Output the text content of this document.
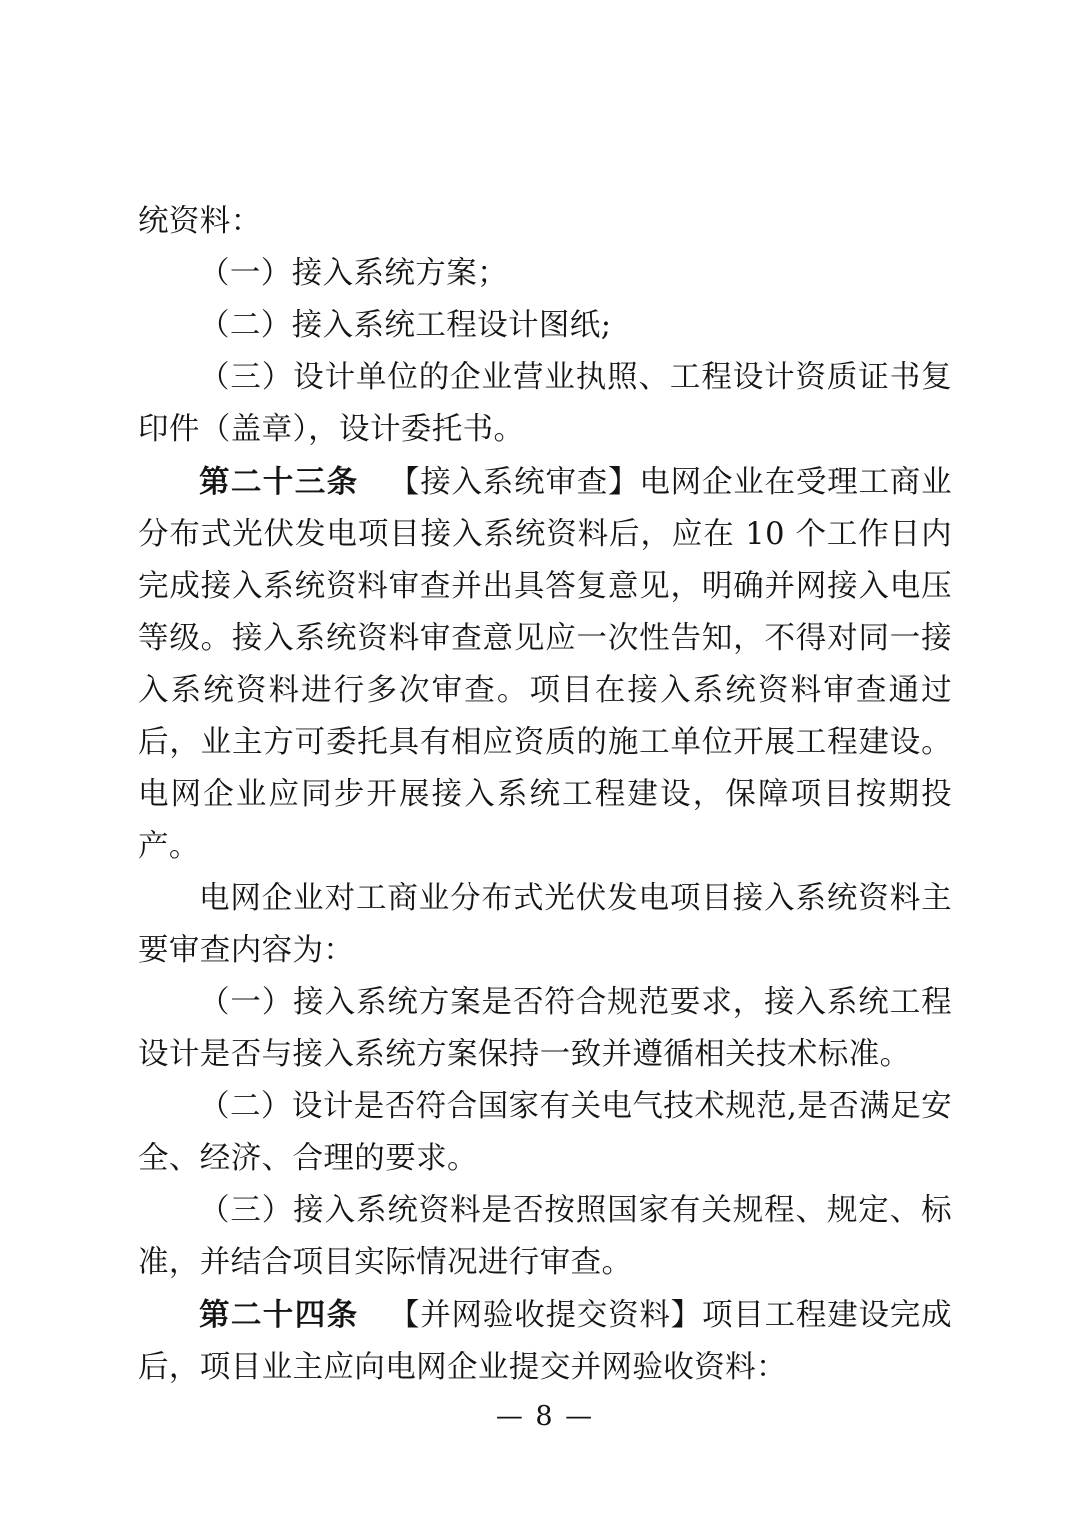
统资料：

（一）接入系统方案；

（二）接入系统工程设计图纸;

（三）设计单位的企业营业执照、工程设计资质证书复印件（盖章），设计委托书。

第二十三条 【接入系统审查】电网企业在受理工商业分布式光伏发电项目接入系统资料后，应在 10 个工作日内完成接入系统资料审查并出具答复意见，明确并网接入电压等级。接入系统资料审查意见应一次性告知，不得对同一接入系统资料进行多次审查。项目在接入系统资料审查通过后，业主方可委托具有相应资质的施工单位开展工程建设。电网企业应同步开展接入系统工程建设，保障项目按期投产。

电网企业对工商业分布式光伏发电项目接入系统资料主要审查内容为：

（一）接入系统方案是否符合规范要求，接入系统工程设计是否与接入系统方案保持一致并遵循相关技术标准。

（二）设计是否符合国家有关电气技术规范,是否满足安全、经济、合理的要求。

（三）接入系统资料是否按照国家有关规程、规定、标准，并结合项目实际情况进行审查。

第二十四条 【并网验收提交资料】项目工程建设完成后，项目业主应向电网企业提交并网验收资料：

— 8 —
